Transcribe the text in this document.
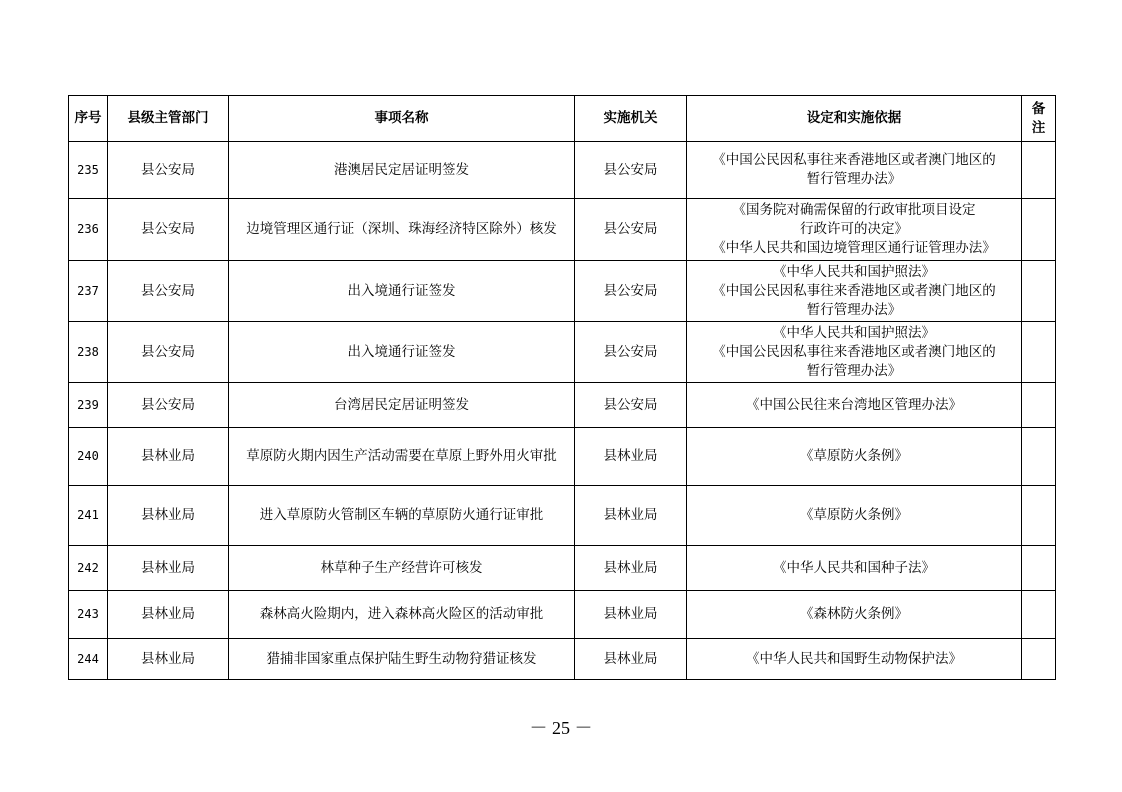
序号	县级主管部门	事项名称	实施机关	设定和实施依据	备注
235	县公安局	港澳居民定居证明签发	县公安局	《中国公民因私事往来香港地区或者澳门地区的
暂行管理办法》	

236	县公安局	边境管理区通行证（深圳、珠海经济特区除外）核发	县公安局	《国务院对确需保留的行政审批项目设定
行政许可的决定》
《中华人民共和国边境管理区通行证管理办法》	

237	县公安局	出入境通行证签发	县公安局	《中华人民共和国护照法》
《中国公民因私事往来香港地区或者澳门地区的
暂行管理办法》	

238	县公安局	出入境通行证签发	县公安局	《中华人民共和国护照法》
《中国公民因私事往来香港地区或者澳门地区的
暂行管理办法》	

239	县公安局	台湾居民定居证明签发	县公安局	《中国公民往来台湾地区管理办法》	

240	县林业局	草原防火期内因生产活动需要在草原上野外用火审批	县林业局	《草原防火条例》	

241	县林业局	进入草原防火管制区车辆的草原防火通行证审批	县林业局	《草原防火条例》	

242	县林业局	林草种子生产经营许可核发	县林业局	《中华人民共和国种子法》	

243	县林业局	森林高火险期内，进入森林高火险区的活动审批	县林业局	《森林防火条例》	

244	县林业局	猎捕非国家重点保护陆生野生动物狩猎证核发	县林业局	《中华人民共和国野生动物保护法》	

－ 25 －
